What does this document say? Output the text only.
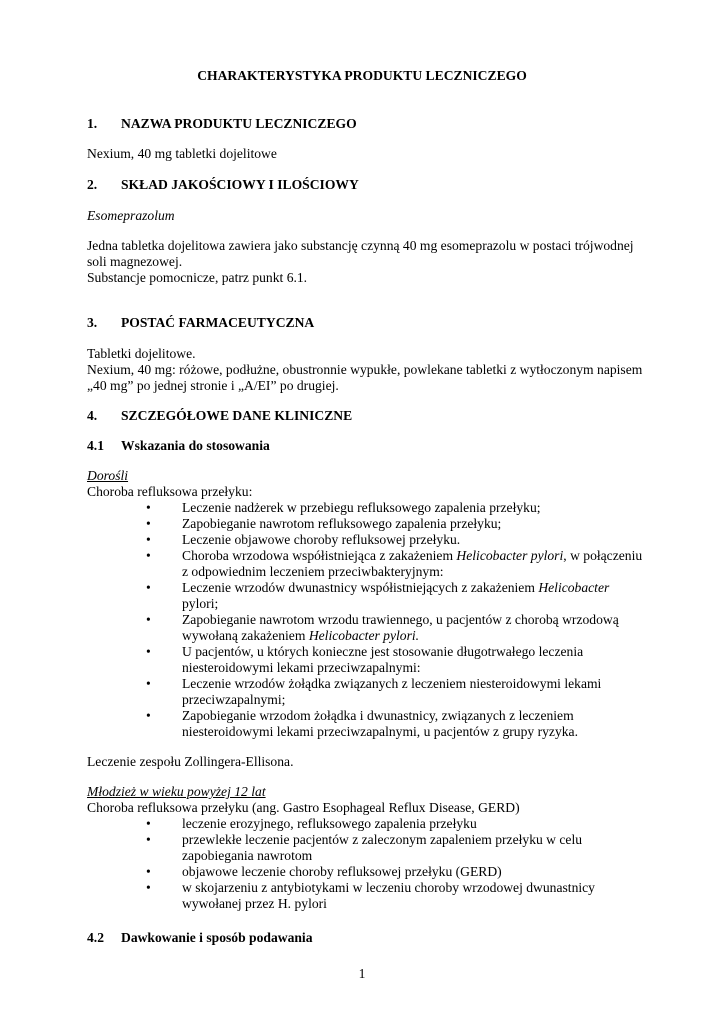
CHARAKTERYSTYKA PRODUKTU LECZNICZEGO
1. NAZWA PRODUKTU LECZNICZEGO
Nexium, 40 mg tabletki dojelitowe
2. SKŁAD JAKOŚCIOWY I ILOŚCIOWY
Esomeprazolum
Jedna tabletka dojelitowa zawiera jako substancję czynną 40 mg esomeprazolu w postaci trójwodnej
soli magnezowej.
Substancje pomocnicze, patrz punkt 6.1.
3. POSTAĆ FARMACEUTYCZNA
Tabletki dojelitowe.
Nexium, 40 mg: różowe, podłużne, obustronnie wypukłe, powlekane tabletki z wytłoczonym napisem
„40 mg” po jednej stronie i „A/EI” po drugiej.
4. SZCZEGÓŁOWE DANE KLINICZNE
4.1 Wskazania do stosowania
Dorośli
Choroba refluksowa przełyku:
• Leczenie nadżerek w przebiegu refluksowego zapalenia przełyku;
• Zapobieganie nawrotom refluksowego zapalenia przełyku;
• Leczenie objawowe choroby refluksowej przełyku.
• Choroba wrzodowa współistniejąca z zakażeniem Helicobacter pylori, w połączeniu
z odpowiednim leczeniem przeciwbakteryjnym:
• Leczenie wrzodów dwunastnicy współistniejących z zakażeniem Helicobacter
pylori;
• Zapobieganie nawrotom wrzodu trawiennego, u pacjentów z chorobą wrzodową
wywołaną zakażeniem Helicobacter pylori.
• U pacjentów, u których konieczne jest stosowanie długotrwałego leczenia
niesteroidowymi lekami przeciwzapalnymi:
• Leczenie wrzodów żołądka związanych z leczeniem niesteroidowymi lekami
przeciwzapalnymi;
• Zapobieganie wrzodom żołądka i dwunastnicy, związanych z leczeniem
niesteroidowymi lekami przeciwzapalnymi, u pacjentów z grupy ryzyka.
Leczenie zespołu Zollingera-Ellisona.
Młodzież w wieku powyżej 12 lat
Choroba refluksowa przełyku (ang. Gastro Esophageal Reflux Disease, GERD)
• leczenie erozyjnego, refluksowego zapalenia przełyku
• przewlekłe leczenie pacjentów z zaleczonym zapaleniem przełyku w celu
zapobiegania nawrotom
• objawowe leczenie choroby refluksowej przełyku (GERD)
• w skojarzeniu z antybiotykami w leczeniu choroby wrzodowej dwunastnicy
wywołanej przez H. pylori
4.2 Dawkowanie i sposób podawania
1
